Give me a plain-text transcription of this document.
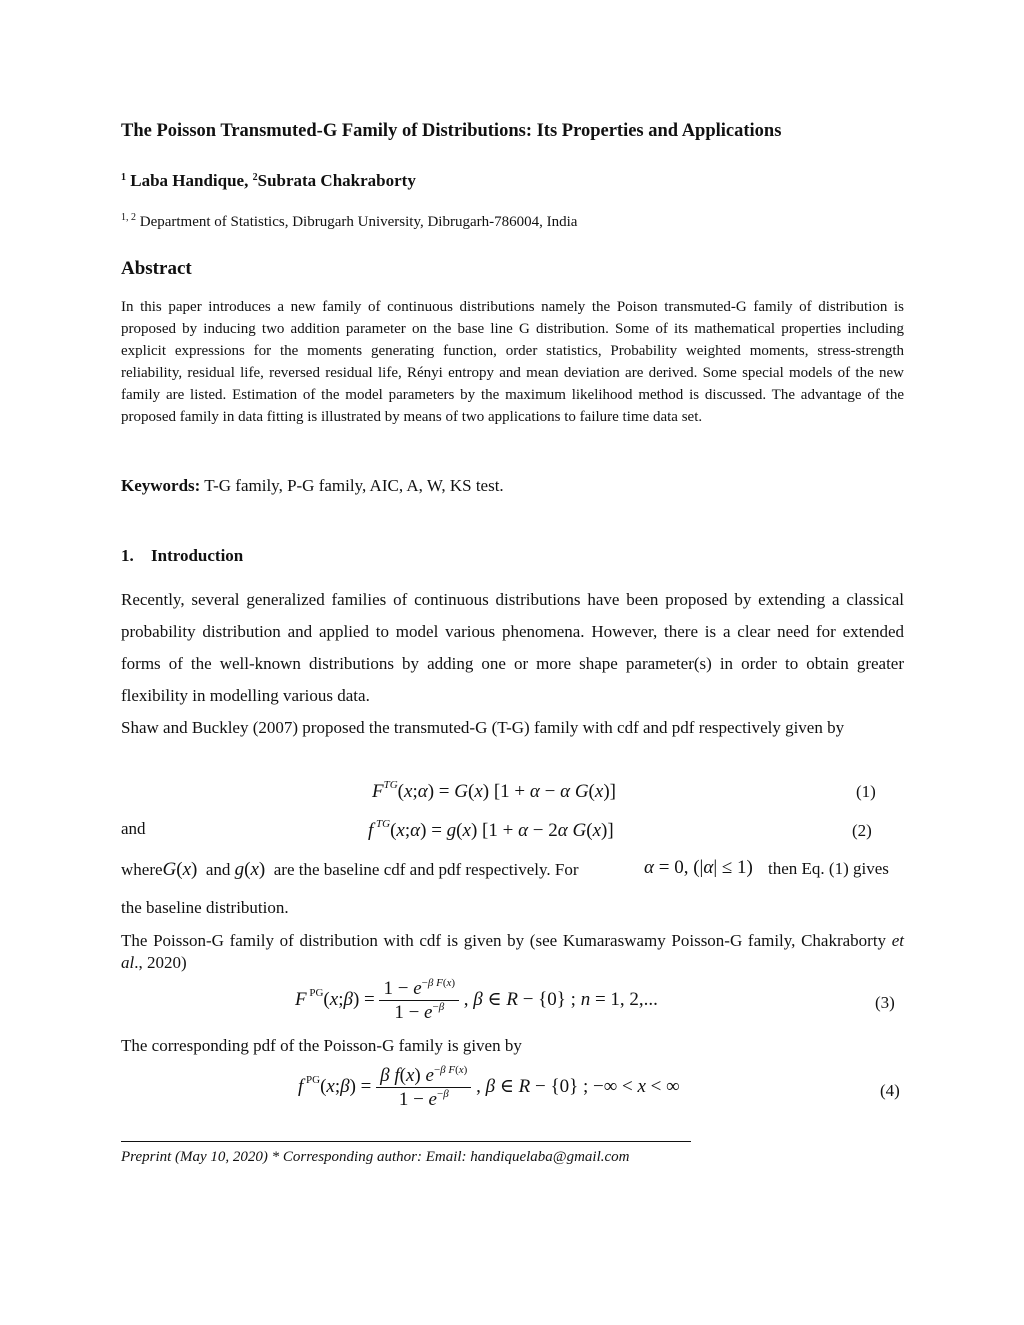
The Poisson Transmuted-G Family of Distributions: Its Properties and Applications
$^1$ Laba Handique, $^2$Subrata Chakraborty
$^{1, 2}$ Department of Statistics, Dibrugarh University, Dibrugarh-786004, India
Abstract
In this paper introduces a new family of continuous distributions namely the Poison transmuted-G family of distribution is proposed by inducing two addition parameter on the base line G distribution. Some of its mathematical properties including explicit expressions for the moments generating function, order statistics, Probability weighted moments, stress-strength reliability, residual life, reversed residual life, Rényi entropy and mean deviation are derived. Some special models of the new family are listed. Estimation of the model parameters by the maximum likelihood method is discussed. The advantage of the proposed family in data fitting is illustrated by means of two applications to failure time data set.
Keywords: T-G family, P-G family, AIC, A, W, KS test.
1. Introduction
Recently, several generalized families of continuous distributions have been proposed by extending a classical probability distribution and applied to model various phenomena. However, there is a clear need for extended forms of the well-known distributions by adding one or more shape parameter(s) in order to obtain greater flexibility in modelling various data.
Shaw and Buckley (2007) proposed the transmuted-G (T-G) family with cdf and pdf respectively given by
$F^{TG}(x;\alpha) = G(x) [1 + \alpha - \alpha$ G(x)]	(1)
and	f $^{TG}$(x;α) = g(x) [1 + α − 2α G(x)]	(2)
whereG(x) and g(x) are the baseline cdf and pdf respectively. For	α = 0, (|α| ≤ 1) then Eq. (1) gives
the baseline distribution.
The Poisson-G family of distribution with cdf is given by (see Kumaraswamy Poisson-G family, Chakraborty et al., 2020)
F $^{PG}$(x;β) = $\frac{1 - e^{-\beta F(x)}}{1 - e^{-\beta}}$ , β ∈ R − {0} ; n = 1, 2,...	(3)
The corresponding pdf of the Poisson-G family is given by
f $^{PG}$(x;β) = $\frac{\beta f(x) e^{-\beta F(x)}}{1 - e^{-\beta}}$ , β ∈ R − {0} ; −∞ < x < ∞	(4)
Preprint (May 10, 2020) * Corresponding author: Email: handiquelaba@gmail.com
